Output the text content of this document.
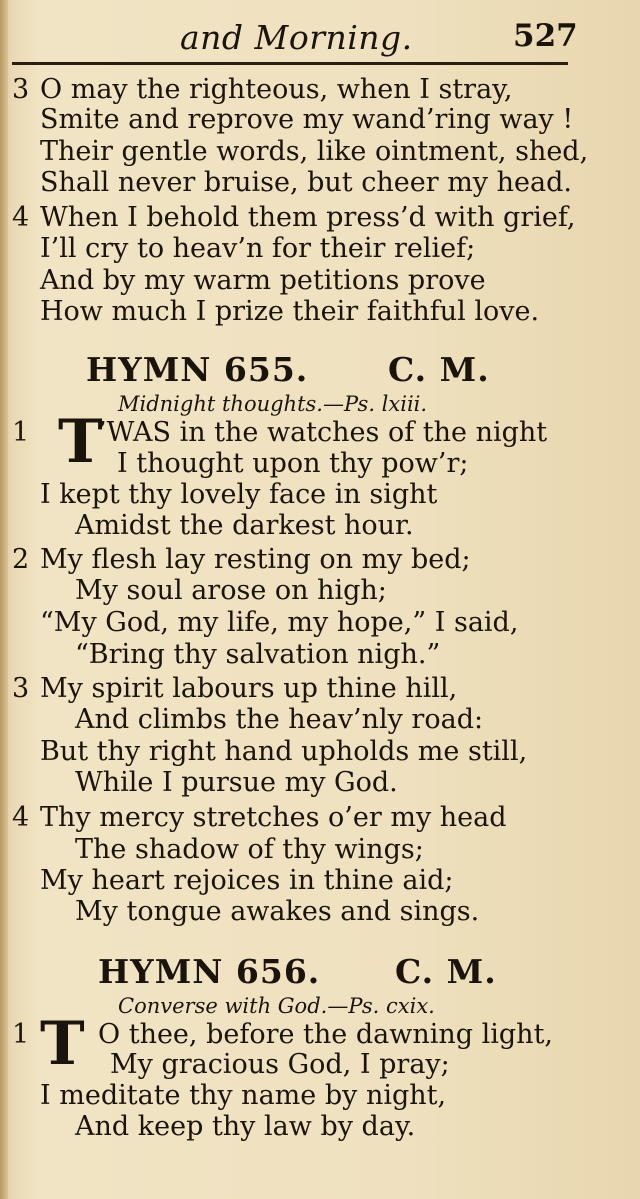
and Morning.	527
3 O may the righteous, when I stray,
Smite and reprove my wand’ring way !
Their gentle words, like ointment, shed,
Shall never bruise, but cheer my head.
4 When I behold them press’d with grief,
I’ll cry to heav’n for their relief;
And by my warm petitions prove
How much I prize their faithful love.
HYMN 655. C. M.
Midnight thoughts.—Ps. lxiii.
T
1	’WAS in the watches of the night
I thought upon thy pow’r;
I kept thy lovely face in sight
Amidst the darkest hour.
2 My flesh lay resting on my bed;
My soul arose on high;
“My God, my life, my hope,” I said,
“Bring thy salvation nigh.”
3 My spirit labours up thine hill,
And climbs the heav’nly road:
But thy right hand upholds me still,
While I pursue my God.
4 Thy mercy stretches o’er my head
The shadow of thy wings;
My heart rejoices in thine aid;
My tongue awakes and sings.
HYMN 656. C. M.
Converse with God.—Ps. cxix.
T
1	O thee, before the dawning light,
My gracious God, I pray;
I meditate thy name by night,
And keep thy law by day.
